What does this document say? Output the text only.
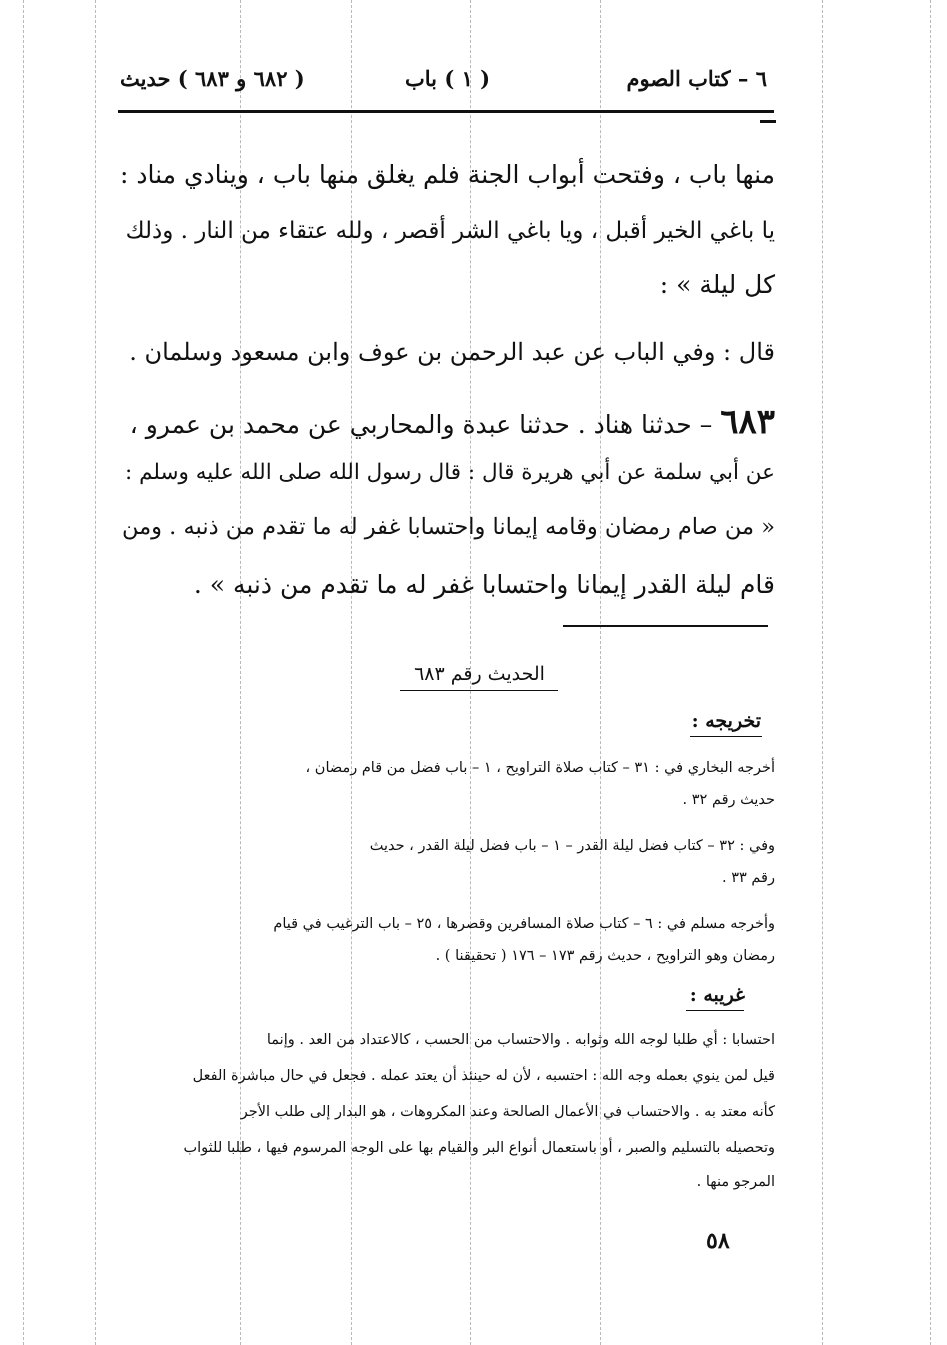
٦ – كتاب الصوم
( ١ ) باب
( ٦٨٢ و ٦٨٣ ) حديث
منها باب ، وفتحت أبواب الجنة فلم يغلق منها باب ، وينادي مناد :
يا باغي الخير أقبل ، ويا باغي الشر أقصر ، ولله عتقاء من النار . وذلك
كل ليلة » :
قال : وفي الباب عن عبد الرحمن بن عوف وابن مسعود وسلمان .
٦٨٣– حدثنا هناد . حدثنا عبدة والمحاربي عن محمد بن عمرو ،
عن أبي سلمة عن أبي هريرة قال : قال رسول الله صلى الله عليه وسلم :
« من صام رمضان وقامه إيمانا واحتسابا غفر له ما تقدم من ذنبه . ومن
قام ليلة القدر إيمانا واحتسابا غفر له ما تقدم من ذنبه » .
الحديث رقم ٦٨٣
تخريجه :
أخرجه البخاري في : ٣١ – كتاب صلاة التراويح ، ١ – باب فضل من قام رمضان ،
حديث رقم ٣٢ .
وفي : ٣٢ – كتاب فضل ليلة القدر – ١ – باب فضل ليلة القدر ، حديث
رقم ٣٣ .
وأخرجه مسلم في : ٦ – كتاب صلاة المسافرين وقصرها ، ٢٥ – باب الترغيب في قيام
رمضان وهو التراويح ، حديث رقم ١٧٣ – ١٧٦ ( تحقيقنا ) .
غريبه :
احتسابا : أي طلبا لوجه الله وثوابه . والاحتساب من الحسب ، كالاعتداد من العد . وإنما
قيل لمن ينوي بعمله وجه الله : احتسبه ، لأن له حينئذ أن يعتد عمله . فجعل في حال مباشرة الفعل
كأنه معتد به . والاحتساب في الأعمال الصالحة وعند المكروهات ، هو البدار إلى طلب الأجر
وتحصيله بالتسليم والصبر ، أو باستعمال أنواع البر والقيام بها على الوجه المرسوم فيها ، طلبا للثواب
المرجو منها .
٥٨
